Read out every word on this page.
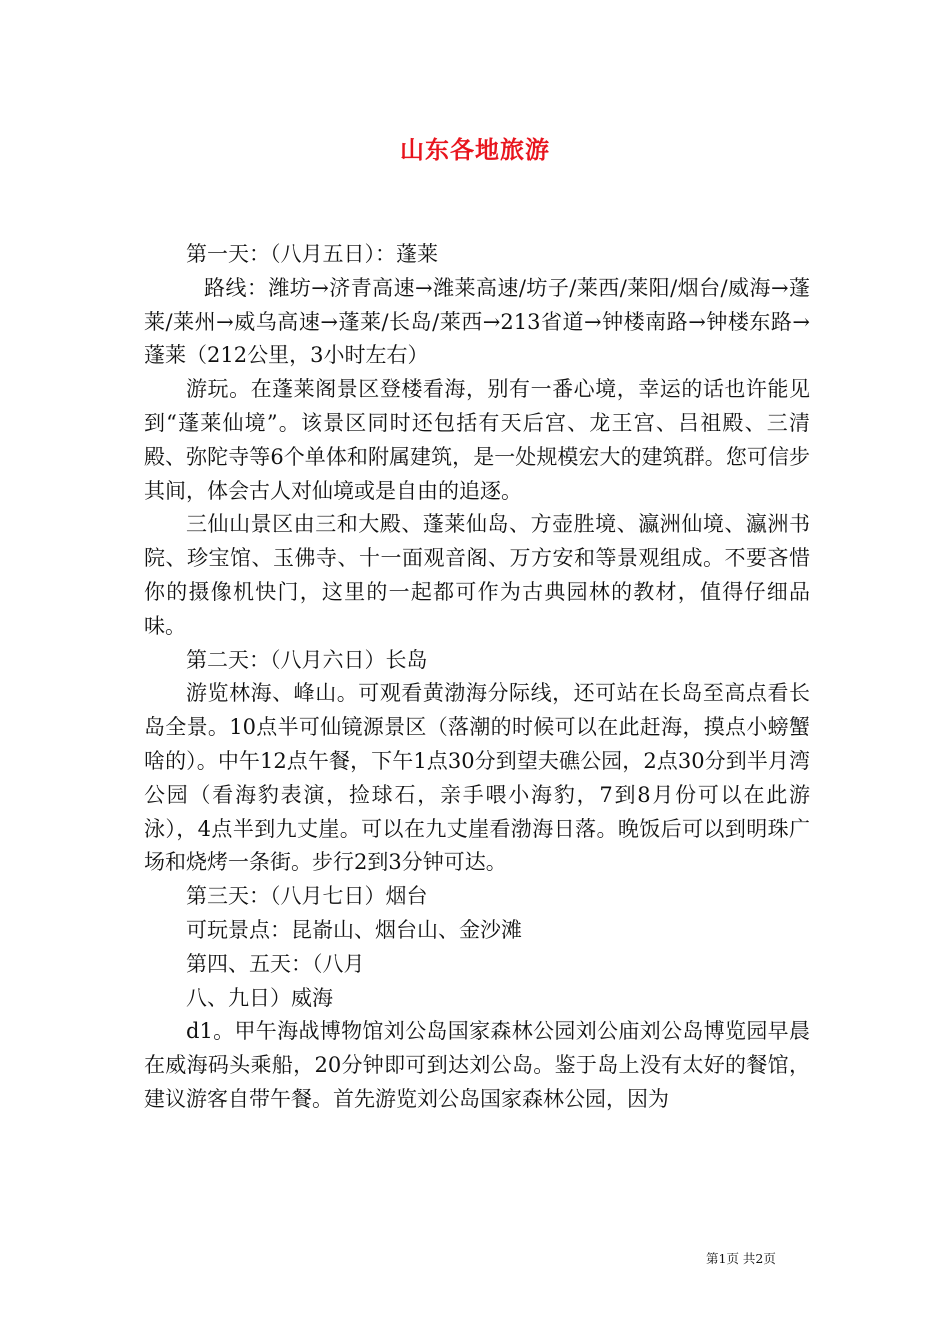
山东各地旅游

第一天：（八月五日）：蓬莱

路线：潍坊→济青高速→潍莱高速/坊子/莱西/莱阳/烟台/威海→蓬莱/莱州→威乌高速→蓬莱/长岛/莱西→213省道→钟楼南路→钟楼东路→蓬莱（212公里，3小时左右）

游玩。在蓬莱阁景区登楼看海，别有一番心境，幸运的话也许能见到“蓬莱仙境”。该景区同时还包括有天后宫、龙王宫、吕祖殿、三清殿、弥陀寺等6个单体和附属建筑，是一处规模宏大的建筑群。您可信步其间，体会古人对仙境或是自由的追逐。

三仙山景区由三和大殿、蓬莱仙岛、方壶胜境、瀛洲仙境、瀛洲书院、珍宝馆、玉佛寺、十一面观音阁、万方安和等景观组成。不要吝惜你的摄像机快门，这里的一起都可作为古典园林的教材，值得仔细品味。

第二天：（八月六日）长岛

游览林海、峰山。可观看黄渤海分际线，还可站在长岛至高点看长岛全景。10点半可仙镜源景区（落潮的时候可以在此赶海，摸点小螃蟹啥的）。中午12点午餐，下午1点30分到望夫礁公园，2点30分到半月湾公园（看海豹表演，捡球石，亲手喂小海豹，7到8月份可以在此游泳），4点半到九丈崖。可以在九丈崖看渤海日落。晚饭后可以到明珠广场和烧烤一条街。步行2到3分钟可达。

第三天：（八月七日）烟台

可玩景点：昆嵛山、烟台山、金沙滩

第四、五天：（八月

八、九日）威海

d1。甲午海战博物馆刘公岛国家森林公园刘公庙刘公岛博览园早晨在威海码头乘船，20分钟即可到达刘公岛。鉴于岛上没有太好的餐馆，建议游客自带午餐。首先游览刘公岛国家森林公园，因为

第1页 共2页
